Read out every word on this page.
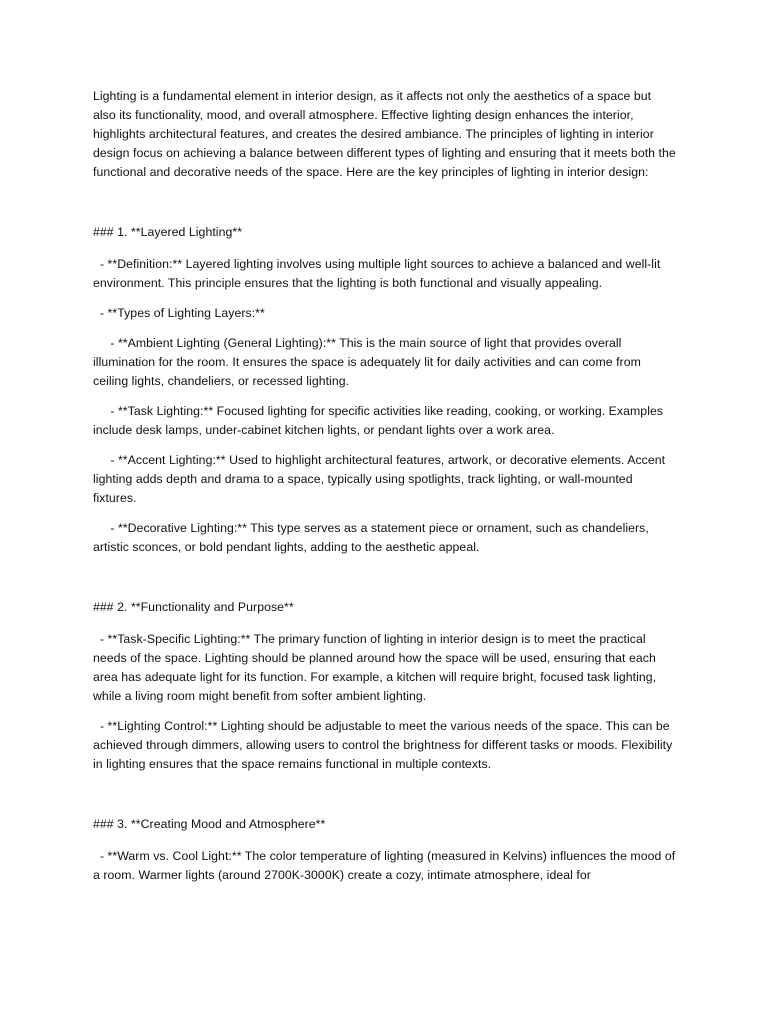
Lighting is a fundamental element in interior design, as it affects not only the aesthetics of a space but also its functionality, mood, and overall atmosphere. Effective lighting design enhances the interior, highlights architectural features, and creates the desired ambiance. The principles of lighting in interior design focus on achieving a balance between different types of lighting and ensuring that it meets both the functional and decorative needs of the space. Here are the key principles of lighting in interior design:

### 1. **Layered Lighting**

- **Definition:** Layered lighting involves using multiple light sources to achieve a balanced and well-lit environment. This principle ensures that the lighting is both functional and visually appealing.

- **Types of Lighting Layers:**

- **Ambient Lighting (General Lighting):** This is the main source of light that provides overall illumination for the room. It ensures the space is adequately lit for daily activities and can come from ceiling lights, chandeliers, or recessed lighting.

- **Task Lighting:** Focused lighting for specific activities like reading, cooking, or working. Examples include desk lamps, under-cabinet kitchen lights, or pendant lights over a work area.

- **Accent Lighting:** Used to highlight architectural features, artwork, or decorative elements. Accent lighting adds depth and drama to a space, typically using spotlights, track lighting, or wall-mounted fixtures.

- **Decorative Lighting:** This type serves as a statement piece or ornament, such as chandeliers, artistic sconces, or bold pendant lights, adding to the aesthetic appeal.

### 2. **Functionality and Purpose**

- **Task-Specific Lighting:** The primary function of lighting in interior design is to meet the practical needs of the space. Lighting should be planned around how the space will be used, ensuring that each area has adequate light for its function. For example, a kitchen will require bright, focused task lighting, while a living room might benefit from softer ambient lighting.

- **Lighting Control:** Lighting should be adjustable to meet the various needs of the space. This can be achieved through dimmers, allowing users to control the brightness for different tasks or moods. Flexibility in lighting ensures that the space remains functional in multiple contexts.

### 3. **Creating Mood and Atmosphere**

- **Warm vs. Cool Light:** The color temperature of lighting (measured in Kelvins) influences the mood of a room. Warmer lights (around 2700K-3000K) create a cozy, intimate atmosphere, ideal for
